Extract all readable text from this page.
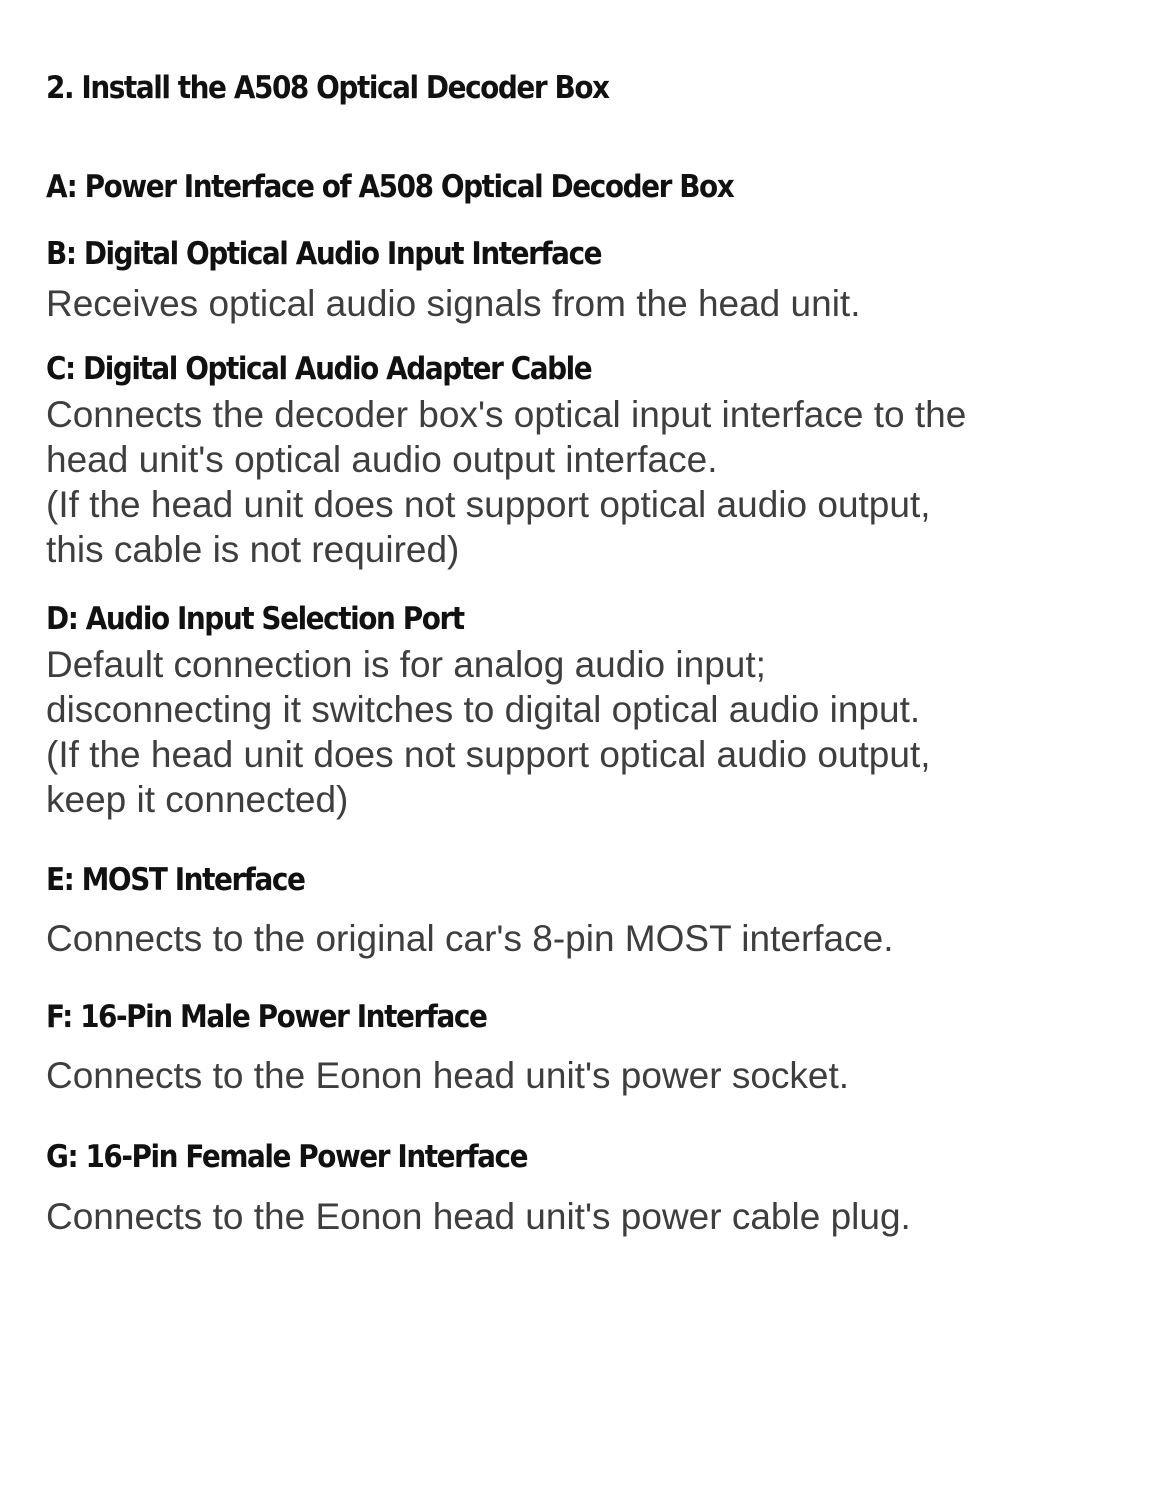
2. Install the A508 Optical Decoder Box
A: Power Interface of A508 Optical Decoder Box
B: Digital Optical Audio Input Interface

Receives optical audio signals from the head unit.

C: Digital Optical Audio Adapter Cable

Connects the decoder box's optical input interface to the

head unit's optical audio output interface.

(If the head unit does not support optical audio output,

this cable is not required)

D: Audio Input Selection Port

Default connection is for analog audio input;

disconnecting it switches to digital optical audio input.

(If the head unit does not support optical audio output,

keep it connected)

E: MOST Interface

Connects to the original car's 8-pin MOST interface.

F: 16-Pin Male Power Interface

Connects to the Eonon head unit's power socket.

G: 16-Pin Female Power Interface

Connects to the Eonon head unit's power cable plug.
